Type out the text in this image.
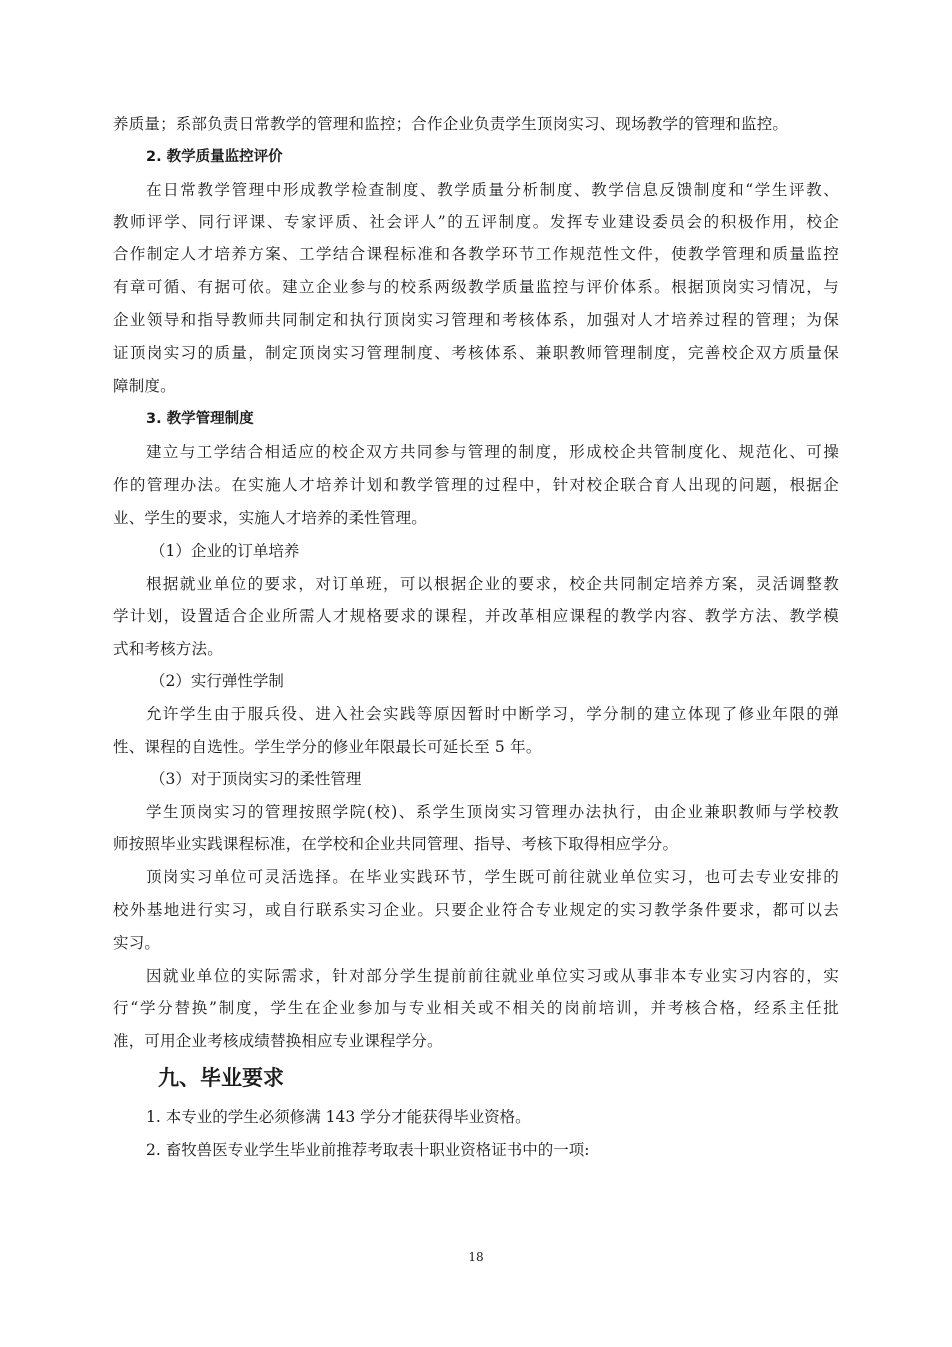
养质量；系部负责日常教学的管理和监控；合作企业负责学生顶岗实习、现场教学的管理和监控。
2. 教学质量监控评价
在日常教学管理中形成教学检查制度、教学质量分析制度、教学信息反馈制度和“学生评教、
教师评学、同行评课、专家评质、社会评人”的五评制度。发挥专业建设委员会的积极作用，校企
合作制定人才培养方案、工学结合课程标准和各教学环节工作规范性文件，使教学管理和质量监控
有章可循、有据可依。建立企业参与的校系两级教学质量监控与评价体系。根据顶岗实习情况，与
企业领导和指导教师共同制定和执行顶岗实习管理和考核体系，加强对人才培养过程的管理；为保
证顶岗实习的质量，制定顶岗实习管理制度、考核体系、兼职教师管理制度，完善校企双方质量保
障制度。
3. 教学管理制度
建立与工学结合相适应的校企双方共同参与管理的制度，形成校企共管制度化、规范化、可操
作的管理办法。在实施人才培养计划和教学管理的过程中，针对校企联合育人出现的问题，根据企
业、学生的要求，实施人才培养的柔性管理。
（1）企业的订单培养
根据就业单位的要求，对订单班，可以根据企业的要求，校企共同制定培养方案，灵活调整教
学计划，设置适合企业所需人才规格要求的课程，并改革相应课程的教学内容、教学方法、教学模
式和考核方法。
（2）实行弹性学制
允许学生由于服兵役、进入社会实践等原因暂时中断学习，学分制的建立体现了修业年限的弹
性、课程的自选性。学生学分的修业年限最长可延长至 5 年。
（3）对于顶岗实习的柔性管理
学生顶岗实习的管理按照学院(校)、系学生顶岗实习管理办法执行，由企业兼职教师与学校教
师按照毕业实践课程标准，在学校和企业共同管理、指导、考核下取得相应学分。
顶岗实习单位可灵活选择。在毕业实践环节，学生既可前往就业单位实习，也可去专业安排的
校外基地进行实习，或自行联系实习企业。只要企业符合专业规定的实习教学条件要求，都可以去
实习。
因就业单位的实际需求，针对部分学生提前前往就业单位实习或从事非本专业实习内容的，实
行“学分替换”制度，学生在企业参加与专业相关或不相关的岗前培训，并考核合格，经系主任批
准，可用企业考核成绩替换相应专业课程学分。
九、毕业要求
1. 本专业的学生必须修满 143 学分才能获得毕业资格。
2. 畜牧兽医专业学生毕业前推荐考取表十职业资格证书中的一项:
18
